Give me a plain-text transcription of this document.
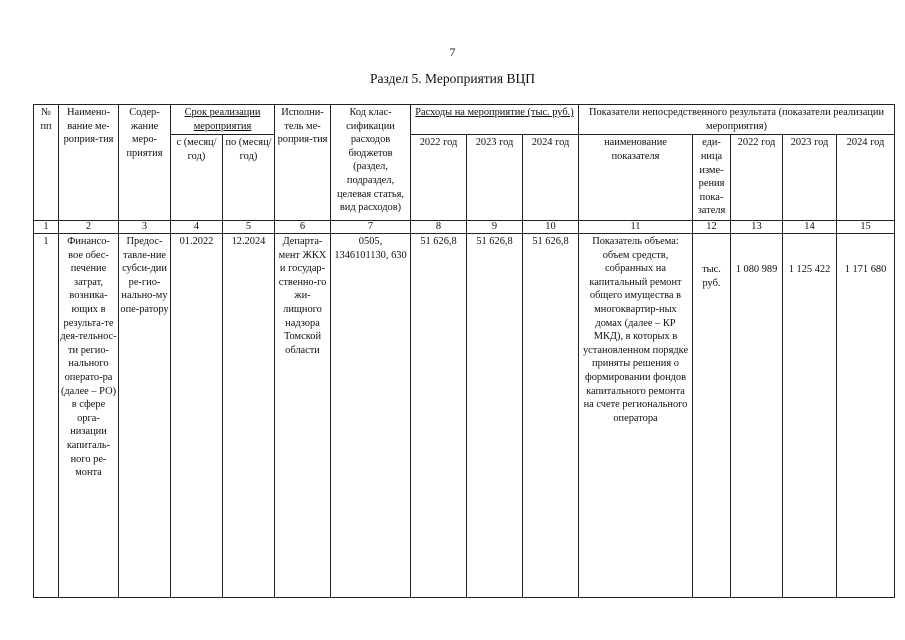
7
Раздел 5. Мероприятия ВЦП
№ пп	Наимено-вание ме-роприя-тия	Содер-жание меро-приятия	Срок реализации мероприятия		Исполни-тель ме-роприя-тия	Код клас-сификации расходов бюджетов (раздел, подраздел, целевая статья, вид расходов)	Расходы на мероприятие (тыс. руб.)			Показатели непосредственного результата (показатели реализации мероприятия)				
			с (месяц/ год)	по (месяц/ год)			2022 год	2023 год	2024 год	наименование показателя	еди-ница изме-рения пока-зателя	2022 год	2023 год	2024 год
1	2	3	4	5	6	7	8	9	10	11	12	13	14	15
1	Финансо-вое обес-печение затрат, возника-ющих в результа-те дея-тельнос-ти регио-нального операто-ра (далее – РО) в сфере орга-низации капиталь-ного ре-монта	Предос-тавле-ние субси-дии ре-гио-нально-му опе-ратору	01.2022	12.2024	Департа-мент ЖКХ и государ-ственно-го жи-лищного надзора Томской области	0505, 1346101130, 630	51 626,8	51 626,8	51 626,8	Показатель объема: объем средств, собранных на капитальный ремонт общего имущества в многоквартир-ных домах (далее – КР МКД), в которых в установленном порядке приняты решения о формировании фондов капитального ремонта на счете регионального оператора	тыс. руб.	1 080 989	1 125 422	1 171 680
